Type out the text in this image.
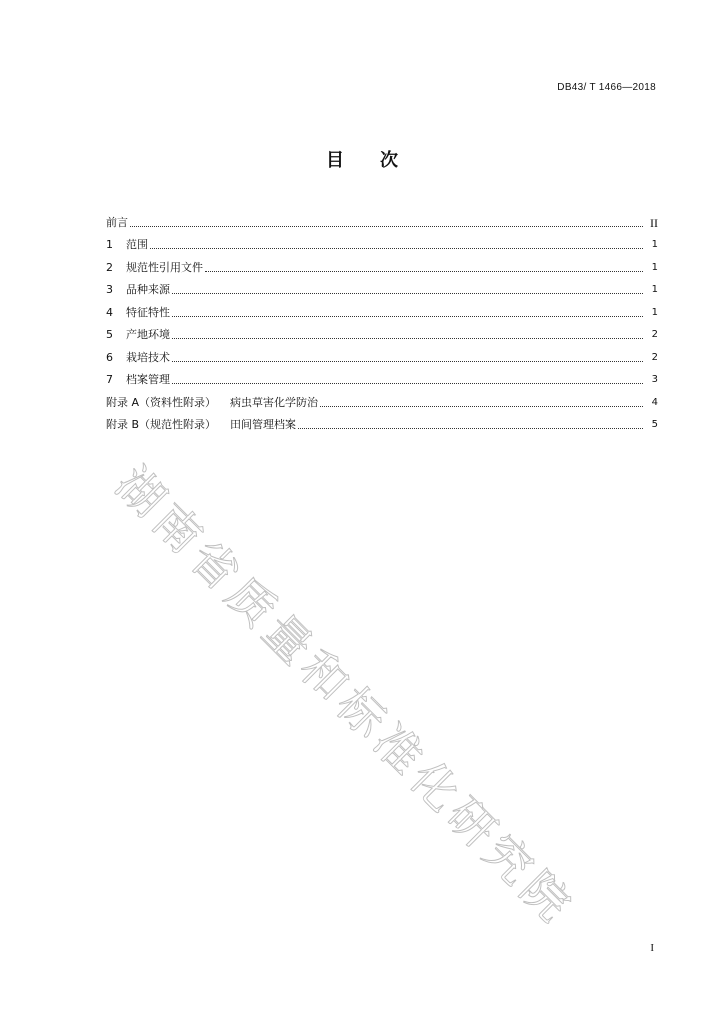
DB43/ T 1466—2018
目 次
前言	II
1 范围	1
2 规范性引用文件	1
3 品种来源	1
4 特征特性	1
5 产地环境	2
6 栽培技术	2
7 档案管理	3
附录 A（资料性附录） 病虫草害化学防治	4
附录 B（规范性附录） 田间管理档案	5
湖南省质量和标准化研究院
I
